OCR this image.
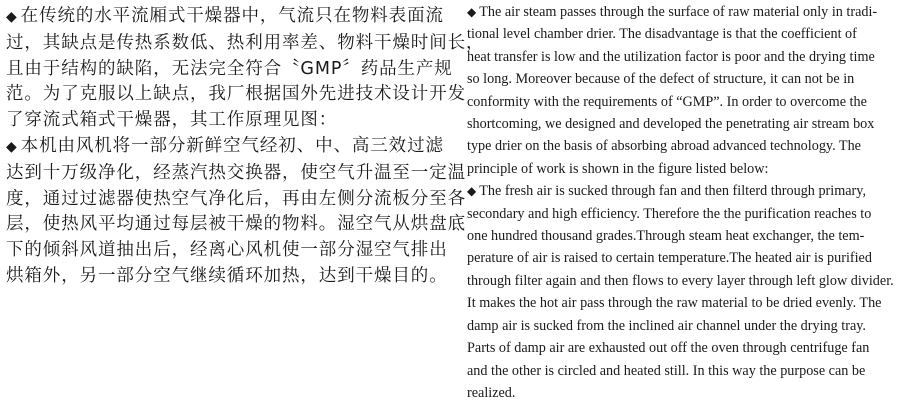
◆ 在传统的水平流厢式干燥器中，气流只在物料表面流
过，其缺点是传热系数低、热利用率差、物料干燥时间长，
且由于结构的缺陷，无法完全符合〝GMP〞药品生产规
范。为了克服以上缺点，我厂根据国外先进技术设计开发
了穿流式箱式干燥器，其工作原理见图：
◆ 本机由风机将一部分新鲜空气经初、中、高三效过滤
达到十万级净化，经蒸汽热交换器，使空气升温至一定温
度，通过过滤器使热空气净化后，再由左侧分流板分至各
层，使热风平均通过每层被干燥的物料。湿空气从烘盘底
下的倾斜风道抽出后，经离心风机使一部分湿空气排出
烘箱外，另一部分空气继续循环加热，达到干燥目的。
◆ The air steam passes through the surface of raw material only in tradi-
tional level chamber drier. The disadvantage is that the coefficient of
heat transfer is low and the utilization factor is poor and the drying time
so long. Moreover because of the defect of structure, it can not be in
conformity with the requirements of “GMP”. In order to overcome the
shortcoming, we designed and developed the penetrating air stream box
type drier on the basis of absorbing abroad advanced technology. The
principle of work is shown in the figure listed below:
◆ The fresh air is sucked through fan and then filterd through primary,
secondary and high efficiency. Therefore the the purification reaches to
one hundred thousand grades.Through steam heat exchanger, the tem-
perature of air is raised to certain temperature.The heated air is purified
through filter again and then flows to every layer through left glow divider.
It makes the hot air pass through the raw material to be dried evenly. The
damp air is sucked from the inclined air channel under the drying tray.
Parts of damp air are exhausted out off the oven through centrifuge fan
and the other is circled and heated still. In this way the purpose can be
realized.
